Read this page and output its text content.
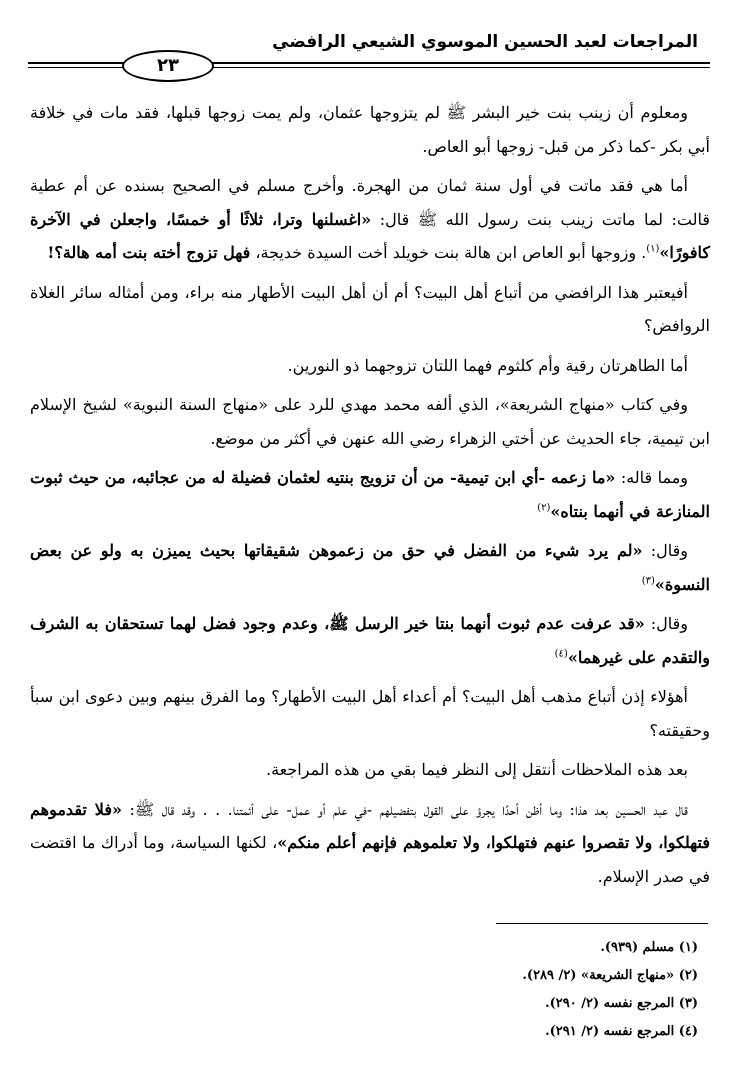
المراجعات لعبد الحسين الموسوي الشيعي الرافضي
٢٣

ومعلوم أن زينب بنت خير البشر ﷺ لم يتزوجها عثمان، ولم يمت زوجها قبلها، فقد مات في خلافة أبي بكر -كما ذكر من قبل- زوجها أبو العاص.

أما هي فقد ماتت في أول سنة ثمان من الهجرة. وأخرج مسلم في الصحيح بسنده عن أم عطية قالت: لما ماتت زينب بنت رسول الله ﷺ قال: «اغسلنها وترا، ثلاثًا أو خمسًا، واجعلن في الآخرة كافورًا»$^{(١)}$. وزوجها أبو العاص ابن هالة بنت خويلد أخت السيدة خديجة، فهل تزوج أخته بنت أمه هالة؟!

أفيعتبر هذا الرافضي من أتباع أهل البيت؟ أم أن أهل البيت الأطهار منه براء، ومن أمثاله سائر الغلاة الروافض؟

أما الطاهرتان رقية وأم كلثوم فهما اللتان تزوجهما ذو النورين.

وفي كتاب «منهاج الشريعة»، الذي ألفه محمد مهدي للرد على «منهاج السنة النبوية» لشيخ الإسلام ابن تيمية، جاء الحديث عن أختي الزهراء رضي الله عنهن في أكثر من موضع.

ومما قاله: «ما زعمه -أي ابن تيمية- من أن تزويج بنتيه لعثمان فضيلة له من عجائبه، من حيث ثبوت المنازعة في أنهما بنتاه»$^{(٢)}$

وقال: «لم يرد شيء من الفضل في حق من زعموهن شقيقاتها بحيث يميزن به ولو عن بعض النسوة»$^{(٣)}$

وقال: «قد عرفت عدم ثبوت أنهما بنتا خير الرسل ﷺ، وعدم وجود فضل لهما تستحقان به الشرف والتقدم على غيرهما»$^{(٤)}$

أهؤلاء إذن أتباع مذهب أهل البيت؟ أم أعداء أهل البيت الأطهار؟ وما الفرق بينهم وبين دعوى ابن سبأ وحقيقته؟

بعد هذه الملاحظات أنتقل إلى النظر فيما بقي من هذه المراجعة.

قال عبد الحسين بعد هذا: وما أظن أحدًا يجرؤ على القول بتفضيلهم -في علم أو عمل- على أئمتنا. . . وقد قال ﷺ: «فلا تقدموهم فتهلكوا، ولا تقصروا عنهم فتهلكوا، ولا تعلموهم فإنهم أعلم منكم»، لكنها السياسة، وما أدراك ما اقتضت في صدر الإسلام.

(١) مسلم (٩٣٩).
(٢) «منهاج الشريعة» (٢/ ٢٨٩).
(٣) المرجع نفسه (٢/ ٢٩٠).
(٤) المرجع نفسه (٢/ ٢٩١).
